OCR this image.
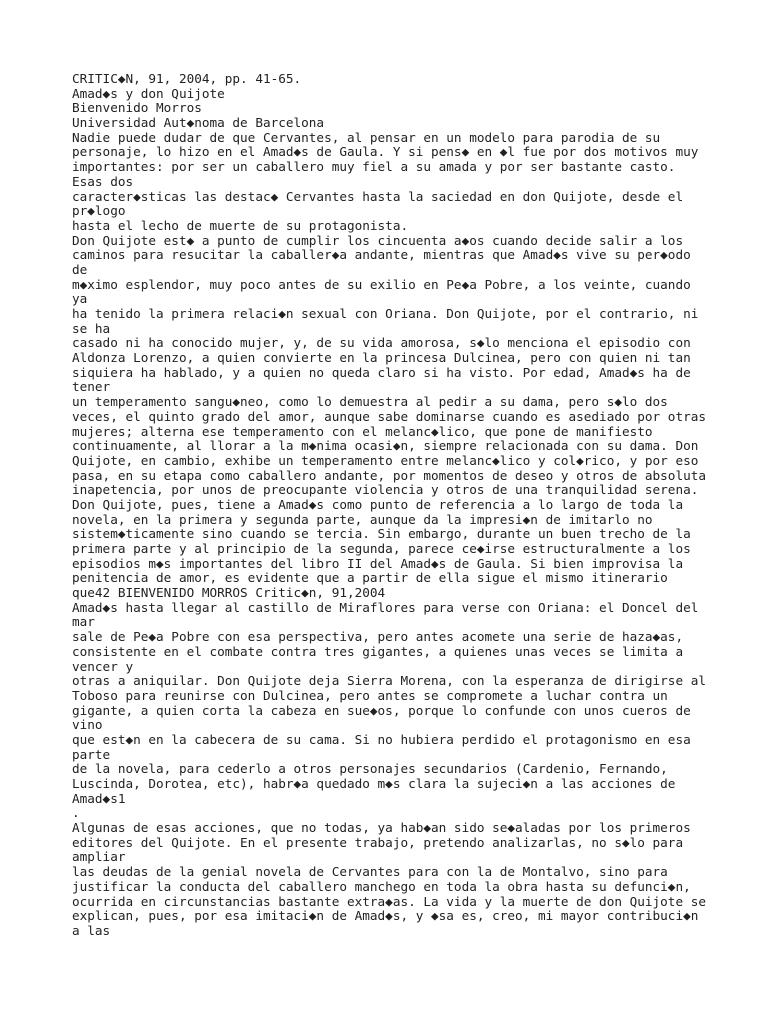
CRITIC◆N, 91, 2004, pp. 41-65.
Amad◆s y don Quijote
Bienvenido Morros
Universidad Aut◆noma de Barcelona
Nadie puede dudar de que Cervantes, al pensar en un modelo para parodia de su
personaje, lo hizo en el Amad◆s de Gaula. Y si pens◆ en ◆l fue por dos motivos muy
importantes: por ser un caballero muy fiel a su amada y por ser bastante casto.
Esas dos
caracter◆sticas las destac◆ Cervantes hasta la saciedad en don Quijote, desde el
pr◆logo
hasta el lecho de muerte de su protagonista.
Don Quijote est◆ a punto de cumplir los cincuenta a◆os cuando decide salir a los
caminos para resucitar la caballer◆a andante, mientras que Amad◆s vive su per◆odo
de
m◆ximo esplendor, muy poco antes de su exilio en Pe◆a Pobre, a los veinte, cuando
ya
ha tenido la primera relaci◆n sexual con Oriana. Don Quijote, por el contrario, ni
se ha
casado ni ha conocido mujer, y, de su vida amorosa, s◆lo menciona el episodio con
Aldonza Lorenzo, a quien convierte en la princesa Dulcinea, pero con quien ni tan
siquiera ha hablado, y a quien no queda claro si ha visto. Por edad, Amad◆s ha de
tener
un temperamento sangu◆neo, como lo demuestra al pedir a su dama, pero s◆lo dos
veces, el quinto grado del amor, aunque sabe dominarse cuando es asediado por otras
mujeres; alterna ese temperamento con el melanc◆lico, que pone de manifiesto
continuamente, al llorar a la m◆nima ocasi◆n, siempre relacionada con su dama. Don
Quijote, en cambio, exhibe un temperamento entre melanc◆lico y col◆rico, y por eso
pasa, en su etapa como caballero andante, por momentos de deseo y otros de absoluta
inapetencia, por unos de preocupante violencia y otros de una tranquilidad serena.
Don Quijote, pues, tiene a Amad◆s como punto de referencia a lo largo de toda la
novela, en la primera y segunda parte, aunque da la impresi◆n de imitarlo no
sistem◆ticamente sino cuando se tercia. Sin embargo, durante un buen trecho de la
primera parte y al principio de la segunda, parece ce◆irse estructuralmente a los
episodios m◆s importantes del libro II del Amad◆s de Gaula. Si bien improvisa la
penitencia de amor, es evidente que a partir de ella sigue el mismo itinerario
que42 BIENVENIDO MORROS Critic◆n, 91,2004
Amad◆s hasta llegar al castillo de Miraflores para verse con Oriana: el Doncel del
mar
sale de Pe◆a Pobre con esa perspectiva, pero antes acomete una serie de haza◆as,
consistente en el combate contra tres gigantes, a quienes unas veces se limita a
vencer y
otras a aniquilar. Don Quijote deja Sierra Morena, con la esperanza de dirigirse al
Toboso para reunirse con Dulcinea, pero antes se compromete a luchar contra un
gigante, a quien corta la cabeza en sue◆os, porque lo confunde con unos cueros de
vino
que est◆n en la cabecera de su cama. Si no hubiera perdido el protagonismo en esa
parte
de la novela, para cederlo a otros personajes secundarios (Cardenio, Fernando,
Luscinda, Dorotea, etc), habr◆a quedado m◆s clara la sujeci◆n a las acciones de
Amad◆s1
.
Algunas de esas acciones, que no todas, ya hab◆an sido se◆aladas por los primeros
editores del Quijote. En el presente trabajo, pretendo analizarlas, no s◆lo para
ampliar
las deudas de la genial novela de Cervantes para con la de Montalvo, sino para
justificar la conducta del caballero manchego en toda la obra hasta su defunci◆n,
ocurrida en circunstancias bastante extra◆as. La vida y la muerte de don Quijote se
explican, pues, por esa imitaci◆n de Amad◆s, y ◆sa es, creo, mi mayor contribuci◆n
a las
